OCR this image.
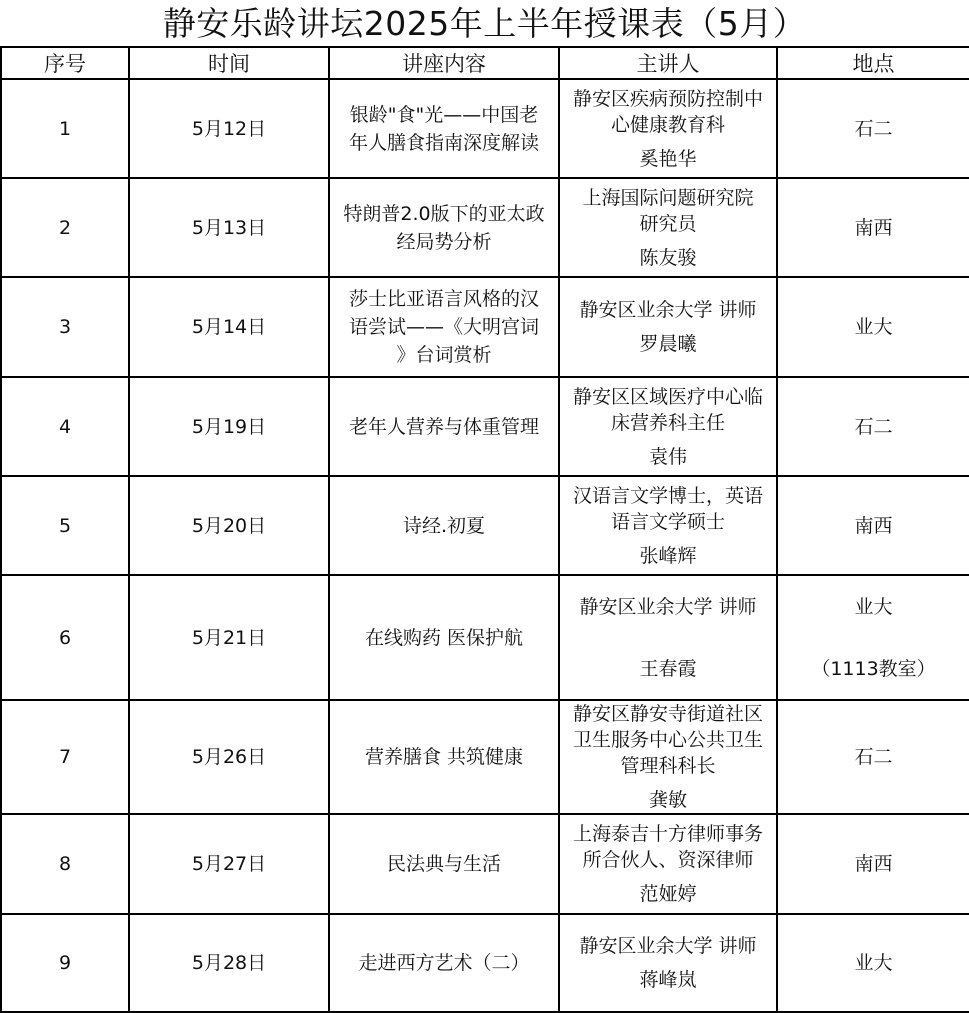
静安乐龄讲坛2025年上半年授课表（5月）
序号	时间	讲座内容	主讲人	地点

1	5月12日	银龄"食"光——中国老
年人膳食指南深度解读	静安区疾病预防控制中
心健康教育科
奚艳华	石二

2	5月13日	特朗普2.0版下的亚太政
经局势分析	上海国际问题研究院
研究员
陈友骏	南西

3	5月14日	莎士比亚语言风格的汉
语尝试——《大明宫词
》台词赏析	静安区业余大学 讲师
罗晨曦	业大

4	5月19日	老年人营养与体重管理	静安区区域医疗中心临
床营养科主任
袁伟	石二

5	5月20日	诗经.初夏	汉语言文学博士，英语
语言文学硕士
张峰辉	南西

6	5月21日	在线购药 医保护航	静安区业余大学 讲师
王春霞	业大
（1113教室）

7	5月26日	营养膳食 共筑健康	静安区静安寺街道社区
卫生服务中心公共卫生
管理科科长
龚敏	石二

8	5月27日	民法典与生活	上海泰吉十方律师事务
所合伙人、资深律师
范娅婷	南西

9	5月28日	走进西方艺术（二）	静安区业余大学 讲师
蒋峰岚	业大
